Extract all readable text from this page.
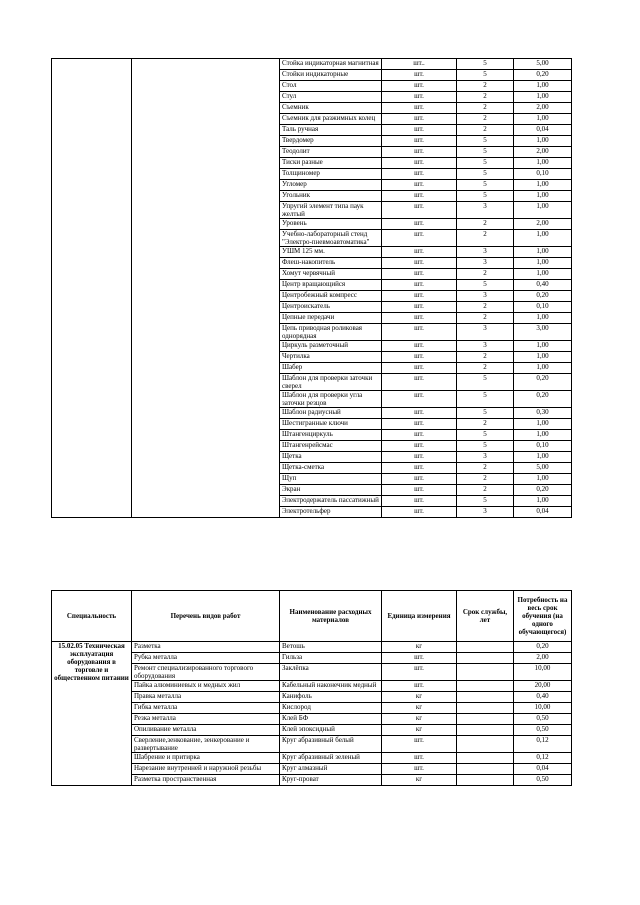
		Стойка индикаторная магнитная	шт..	5	5,00
		Стойки индикаторные	шт.	5	0,20
		Стол	шт.	2	1,00
		Стул	шт.	2	1,00
		Съемник	шт.	2	2,00
		Съемник для разжимных колец	шт.	2	1,00
		Таль ручная	шт.	2	0,04
		Твердомер	шт.	5	1,00
		Теодолит	шт.	5	2,00
		Тиски разные	шт.	5	1,00
		Толщиномер	шт.	5	0,10
		Угломер	шт.	5	1,00
		Угольник	шт.	5	1,00
		Упругий элемент типа паук желтый	шт.	3	1,00
		Уровень	шт.	2	2,00
		Учебно-лабораторный стенд "Электро-пневмоавтоматика"	шт.	2	1,00
		УШМ 125 мм.	шт.	3	1,00
		Флеш-накопитель	шт.	3	1,00
		Хомут червячный	шт.	2	1,00
		Центр вращающийся	шт.	5	0,40
		Центробежный компресс	шт.	3	0,20
		Центроискатель	шт.	2	0,10
		Цепные передачи	шт.	2	1,00
		Цепь приводная роликовая однорядная	шт.	3	3,00
		Циркуль разметочный	шт.	3	1,00
		Чертилка	шт.	2	1,00
		Шабер	шт.	2	1,00
		Шаблон для проверки заточки сверел	шт.	5	0,20
		Шаблон для проверки угла заточки резцов	шт.	5	0,20
		Шаблон радиусный	шт.	5	0,30
		Шестигранные ключи	шт.	2	1,00
		Штангенциркуль	шт.	5	1,00
		Штангенрейсмас	шт.	5	0,10
		Щетка	шт.	3	1,00
		Щетка-сметка	шт.	2	5,00
		Щуп	шт.	2	1,00
		Экран	шт.	2	0,20
		Электродержатель пассатижный	шт.	5	1,00
		Электротельфер	шт.	3	0,04
Специальность	Перечень видов работ	Наименование расходных материалов	Единица измерения	Срок службы, лет	Потребность на весь срок обучения (на одного обучающегося)
15.02.05 Техническая эксплуатация оборудования в торговле и общественном питании	Разметка	Ветошь	кг		0,20
	Рубка металла	Гильза	шт.		2,00
	Ремонт специализированного торгового оборудования	Заклёпка	шт.		10,00
	Пайка алюминиевых и медных жил	Кабельный наконечник медный	шт.		20,00
	Правка металла	Канифоль	кг		0,40
	Гибка металла	Кислород	кг		10,00
	Резка металла	Клей БФ	кг		0,50
	Опиливание металла	Клей эпоксидный	кг		0,50
	Сверление,зенкование, зенкерование и развертывание	Круг абразивный белый	шт.		0,12
	Шабрение и притирка	Круг абразивный зеленый	шт.		0,12
	Нарезание внутренней и наружной резьбы	Круг алмазный	шт.		0,04
	Разметка пространственная	Круг-проват	кг		0,50
